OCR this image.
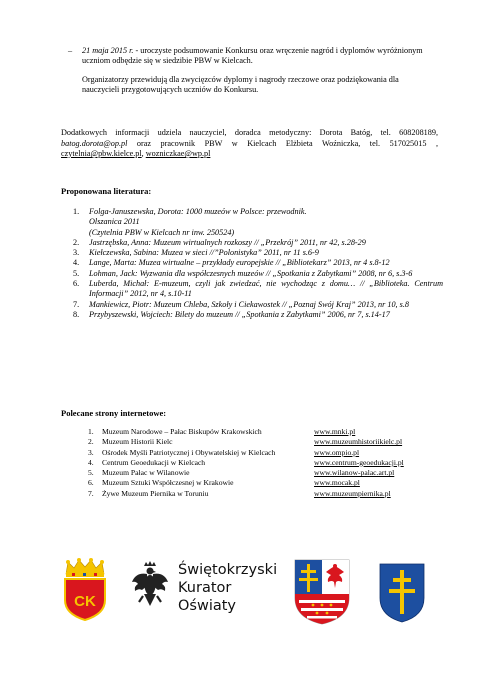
– 21 maja 2015 r. - uroczyste podsumowanie Konkursu oraz wręczenie nagród i dyplomów wyróżnionym uczniom odbędzie się w siedzibie PBW w Kielcach.
Organizatorzy przewidują dla zwycięzców dyplomy i nagrody rzeczowe oraz podziękowania dla nauczycieli przygotowujących uczniów do Konkursu.
Dodatkowych informacji udziela nauczyciel, doradca metodyczny: Dorota Batóg, tel. 608208189, batog.dorota@op.pl oraz pracownik PBW w Kielcach Elżbieta Woźniczka, tel. 517025015 , czytelnia@pbw.kielce.pl, wozniczkae@wp.pl
Proponowana literatura:
1. Folga-Januszewska, Dorota: 1000 muzeów w Polsce: przewodnik.
Olszanica 2011
(Czytelnia PBW w Kielcach nr inw. 250524)
2. Jastrzębska, Anna: Muzeum wirtualnych rozkoszy // „Przekrój” 2011, nr 42, s.28-29
3. Kiełczewska, Sabina: Muzea w sieci //”Polonistyka” 2011, nr 11 s.6-9
4. Lange, Marta: Muzea wirtualne – przykłady europejskie // „Bibliotekarz” 2013, nr 4 s.8-12
5. Lohman, Jack: Wyzwania dla współczesnych muzeów // „Spotkania z Zabytkami” 2008, nr 6, s.3-6
6. Luberda, Michał: E-muzeum, czyli jak zwiedzać, nie wychodząc z domu… // „Biblioteka. Centrum Informacji” 2012, nr 4, s.10-11
7. Mankiewicz, Piotr: Muzeum Chleba, Szkoły i Ciekawostek // „Poznaj Swój Kraj” 2013, nr 10, s.8
8. Przybyszewski, Wojciech: Bilety do muzeum // „Spotkania z Zabytkami” 2006, nr 7, s.14-17
Polecane strony internetowe:
1. Muzeum Narodowe – Pałac Biskupów Krakowskich	www.mnki.pl
2. Muzeum Historii Kielc	www.muzeumhistoriikielc.pl
3. Ośrodek Myśli Patriotycznej i Obywatelskiej w Kielcach	www.ompio.pl
4. Centrum Geoedukacji w Kielcach	www.centrum-geoedukacji.pl
5. Muzeum Pałac w Wilanowie	www.wilanow-palac.art.pl
6. Muzeum Sztuki Współczesnej w Krakowie	www.mocak.pl
7. Żywe Muzeum Piernika w Toruniu	www.muzeumpiernika.pl
CK
Świętokrzyski
Kurator
Oświaty
